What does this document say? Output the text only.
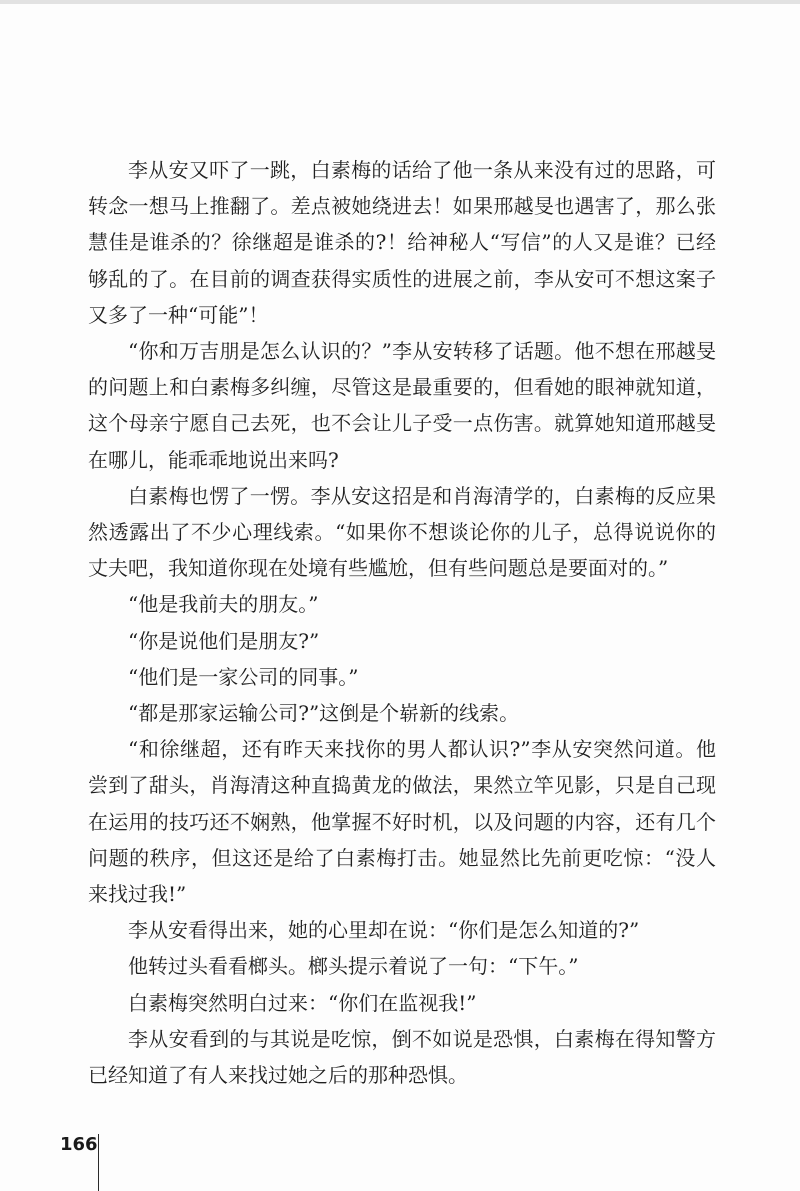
李从安又吓了一跳，白素梅的话给了他一条从来没有过的思路，可转念一想马上推翻了。差点被她绕进去！如果邢越旻也遇害了，那么张慧佳是谁杀的？徐继超是谁杀的?！给神秘人“写信”的人又是谁？已经够乱的了。在目前的调查获得实质性的进展之前，李从安可不想这案子又多了一种“可能”！

“你和万吉朋是怎么认识的？”李从安转移了话题。他不想在邢越旻的问题上和白素梅多纠缠，尽管这是最重要的，但看她的眼神就知道，这个母亲宁愿自己去死，也不会让儿子受一点伤害。就算她知道邢越旻在哪儿，能乖乖地说出来吗?

白素梅也愣了一愣。李从安这招是和肖海清学的，白素梅的反应果然透露出了不少心理线索。“如果你不想谈论你的儿子，总得说说你的丈夫吧，我知道你现在处境有些尴尬，但有些问题总是要面对的。”

“他是我前夫的朋友。”

“你是说他们是朋友?”

“他们是一家公司的同事。”

“都是那家运输公司?”这倒是个崭新的线索。

“和徐继超，还有昨天来找你的男人都认识?”李从安突然问道。他尝到了甜头，肖海清这种直捣黄龙的做法，果然立竿见影，只是自己现在运用的技巧还不娴熟，他掌握不好时机，以及问题的内容，还有几个问题的秩序，但这还是给了白素梅打击。她显然比先前更吃惊：“没人来找过我!”

李从安看得出来，她的心里却在说：“你们是怎么知道的?”

他转过头看看榔头。榔头提示着说了一句：“下午。”

白素梅突然明白过来：“你们在监视我!”

李从安看到的与其说是吃惊，倒不如说是恐惧，白素梅在得知警方已经知道了有人来找过她之后的那种恐惧。

166
